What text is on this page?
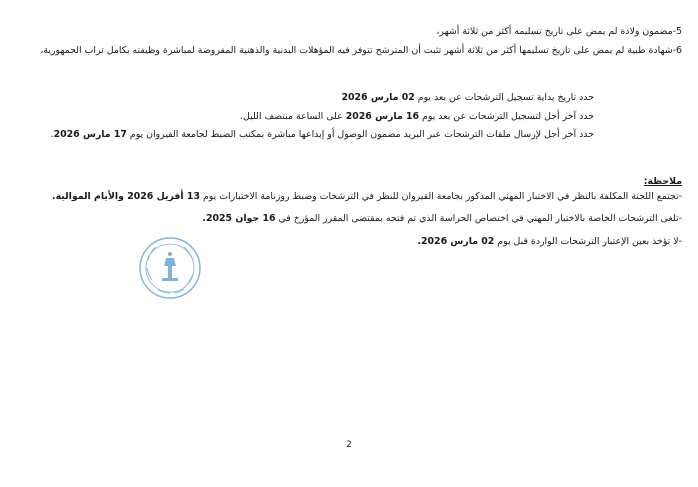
5-مضمون ولادة لم يمض على تاريخ تسليمه أكثر من ثلاثة أشهر،
6-شهادة طبية لم يمض على تاريخ تسليمها أكثر من ثلاثة أشهر تثبت أن المترشح تتوفر فيه المؤهلات البدنية والذهنية المفروضة لمباشرة وظيفته بكامل تراب الجمهورية،
حدد تاريخ بداية تسجيل الترشحات عن بعد يوم 02 مارس 2026
حدد آخر أجل لتسجيل الترشحات عن بعد يوم 16 مارس 2026 على الساعة منتصف الليل.
حدد آخر أجل لإرسال ملفات الترشحات عبر البريد مضمون الوصول أو إيداعها مباشرة بمكتب الضبط لجامعة القيروان يوم 17 مارس 2026.
ملاحظة:
-تجتمع اللجنة المكلفة بالنظر في الاختبار المهني المذكور بجامعة القيروان للنظر في الترشحات وضبط روزنامة الاختبارات يوم 13 أفريل 2026 والأيام الموالية.
-تلغى الترشحات الخاصة بالاختبار المهني في اختصاص الحراسة الذي تم فتحه بمقتضى المقرر المؤرخ في 16 جوان 2025.
-لا تؤخذ بعين الإعتبار الترشحات الواردة قبل يوم 02 مارس 2026.
2
